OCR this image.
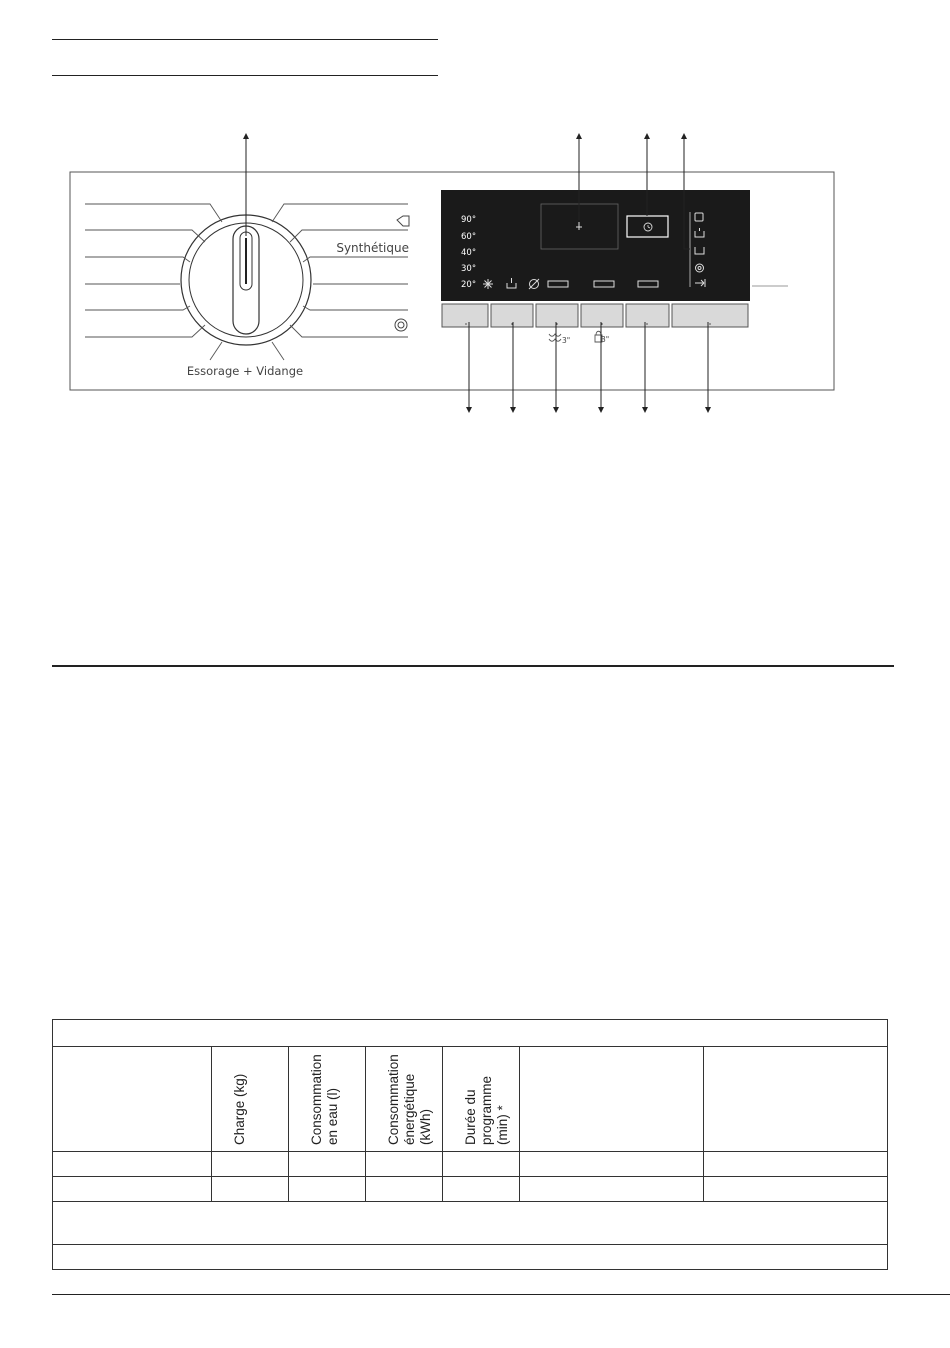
Synthétique
Essorage + Vidange
90°
60°
40°
30°
20°
3"	3"

	Charge (kg)	Consommation en eau (l)	Consommation énergétique (kWh)	Durée du programme (min) *		
